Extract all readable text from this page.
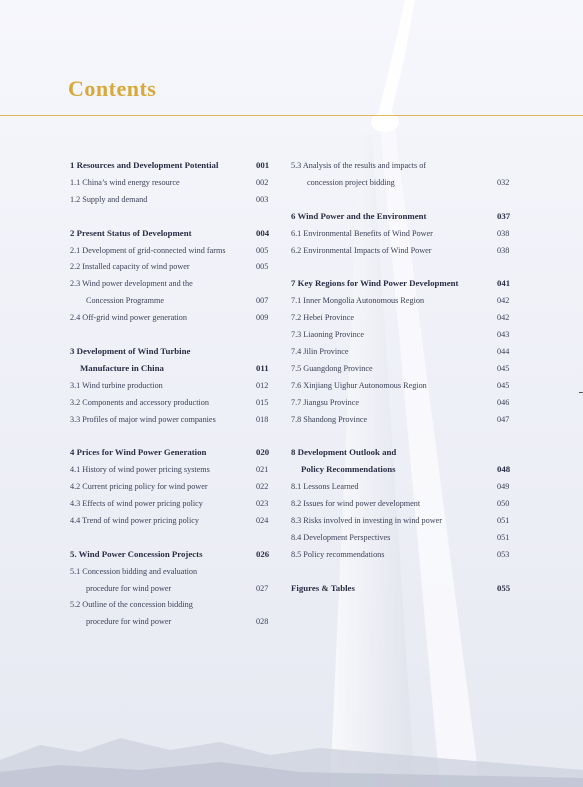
Contents
1 Resources and Development Potential	001
1.1 China’s wind energy resource	002
1.2 Supply and demand	003
2 Present Status of Development	004
2.1 Development of grid-connected wind farms	005
2.2 Installed capacity of wind power	005
2.3 Wind power development and the
Concession Programme	007
2.4 Off-grid wind power generation	009
3 Development of Wind Turbine
Manufacture in China	011
3.1 Wind turbine production	012
3.2 Components and accessory production	015
3.3 Profiles of major wind power companies	018
4 Prices for Wind Power Generation	020
4.1 History of wind power pricing systems	021
4.2 Current pricing policy for wind power	022
4.3 Effects of wind power pricing policy	023
4.4 Trend of wind power pricing policy	024
5. Wind Power Concession Projects	026
5.1 Concession bidding and evaluation
procedure for wind power	027
5.2 Outline of the concession bidding
procedure for wind power	028
5.3 Analysis of the results and impacts of
concession project bidding	032
6 Wind Power and the Environment	037
6.1 Environmental Benefits of Wind Power	038
6.2 Environmental Impacts of Wind Power	038
7 Key Regions for Wind Power Development	041
7.1 Inner Mongolia Autonomous Region	042
7.2 Hebei Province	042
7.3 Liaoning Province	043
7.4 Jilin Province	044
7.5 Guangdong Province	045
7.6 Xinjiang Uighur Autonomous Region	045
7.7 Jiangsu Province	046
7.8 Shandong Province	047
8 Development Outlook and
Policy Recommendations	048
8.1 Lessons Learned	049
8.2 Issues for wind power development	050
8.3 Risks involved in investing in wind power	051
8.4 Development Perspectives	051
8.5 Policy recommendations	053
Figures & Tables	055
